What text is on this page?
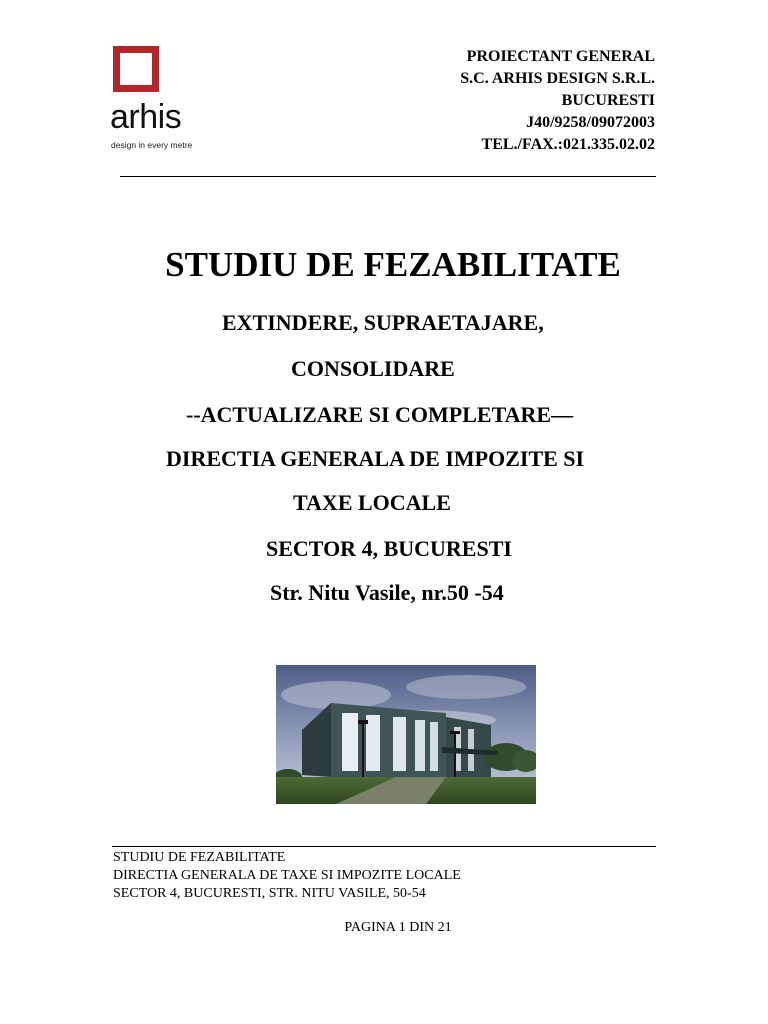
arhis
design in every metre
PROIECTANT GENERAL
S.C. ARHIS DESIGN S.R.L.
BUCURESTI
J40/9258/09072003
TEL./FAX.:021.335.02.02
STUDIU DE FEZABILITATE
EXTINDERE, SUPRAETAJARE,
CONSOLIDARE
--ACTUALIZARE SI COMPLETARE—
DIRECTIA GENERALA DE IMPOZITE SI
TAXE LOCALE
SECTOR 4, BUCURESTI
Str. Nitu Vasile, nr.50 -54
STUDIU DE FEZABILITATE
DIRECTIA GENERALA DE TAXE SI IMPOZITE LOCALE
SECTOR 4, BUCURESTI, STR. NITU VASILE, 50-54
PAGINA 1 DIN 21
